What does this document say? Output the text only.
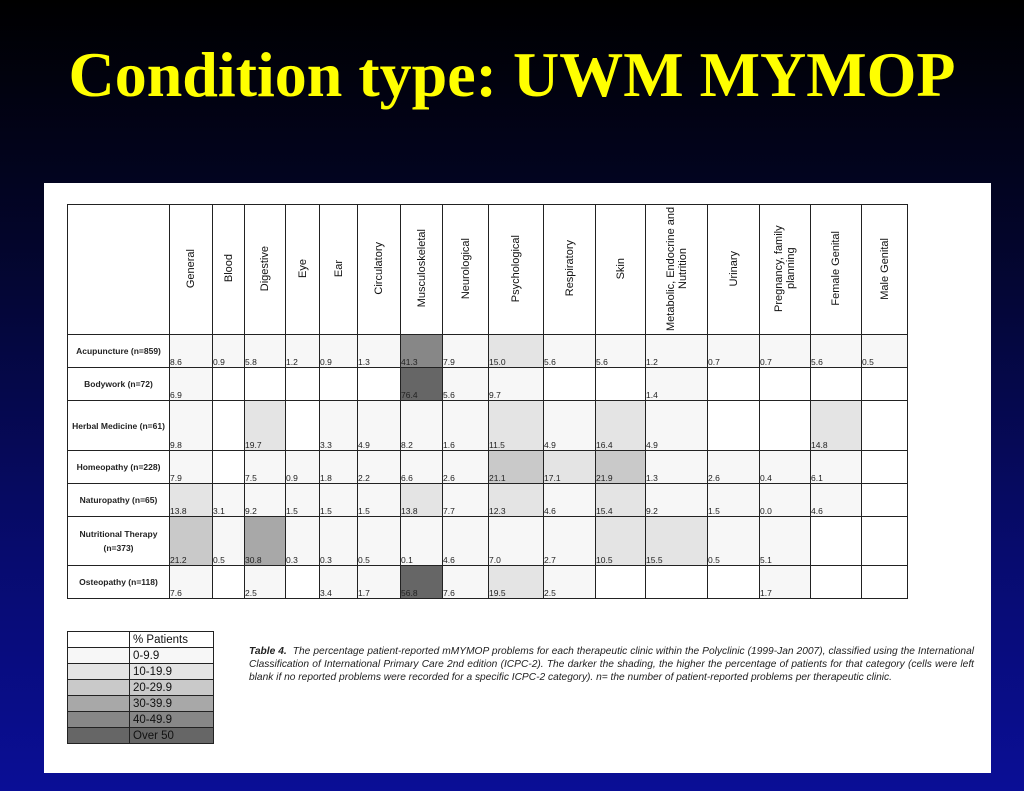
Condition type: UWM MYMOP
	General	Blood	Digestive	Eye	Ear	Circulatory	Musculoskeletal	Neurological	Psychological	Respiratory	Skin	Metabolic, Endocrine and Nutrition	Urinary	Pregnancy, family planning	Female Genital	Male Genital
Acupuncture (n=859)	8.6	0.9	5.8	1.2	0.9	1.3	41.3	7.9	15.0	5.6	5.6	1.2	0.7	0.7	5.6	0.5
Bodywork (n=72)	6.9						76.4	5.6	9.7			1.4				
Herbal Medicine (n=61)	9.8		19.7		3.3	4.9	8.2	1.6	11.5	4.9	16.4	4.9			14.8	
Homeopathy (n=228)	7.9		7.5	0.9	1.8	2.2	6.6	2.6	21.1	17.1	21.9	1.3	2.6	0.4	6.1	
Naturopathy (n=65)	13.8	3.1	9.2	1.5	1.5	1.5	13.8	7.7	12.3	4.6	15.4	9.2	1.5	0.0	4.6	
Nutritional Therapy (n=373)	21.2	0.5	30.8	0.3	0.3	0.5	0.1	4.6	7.0	2.7	10.5	15.5	0.5	5.1		
Osteopathy (n=118)	7.6		2.5		3.4	1.7	56.8	7.6	19.5	2.5				1.7		
	% Patients
	0-9.9
	10-19.9
	20-29.9
	30-39.9
	40-49.9
	Over 50
Table 4. The percentage patient-reported mMYMOP problems for each therapeutic clinic within the Polyclinic (1999-Jan 2007), classified using the International Classification of International Primary Care 2nd edition (ICPC-2). The darker the shading, the higher the percentage of patients for that category (cells were left blank if no reported problems were recorded for a specific ICPC-2 category). n= the number of patient-reported problems per therapeutic clinic.
